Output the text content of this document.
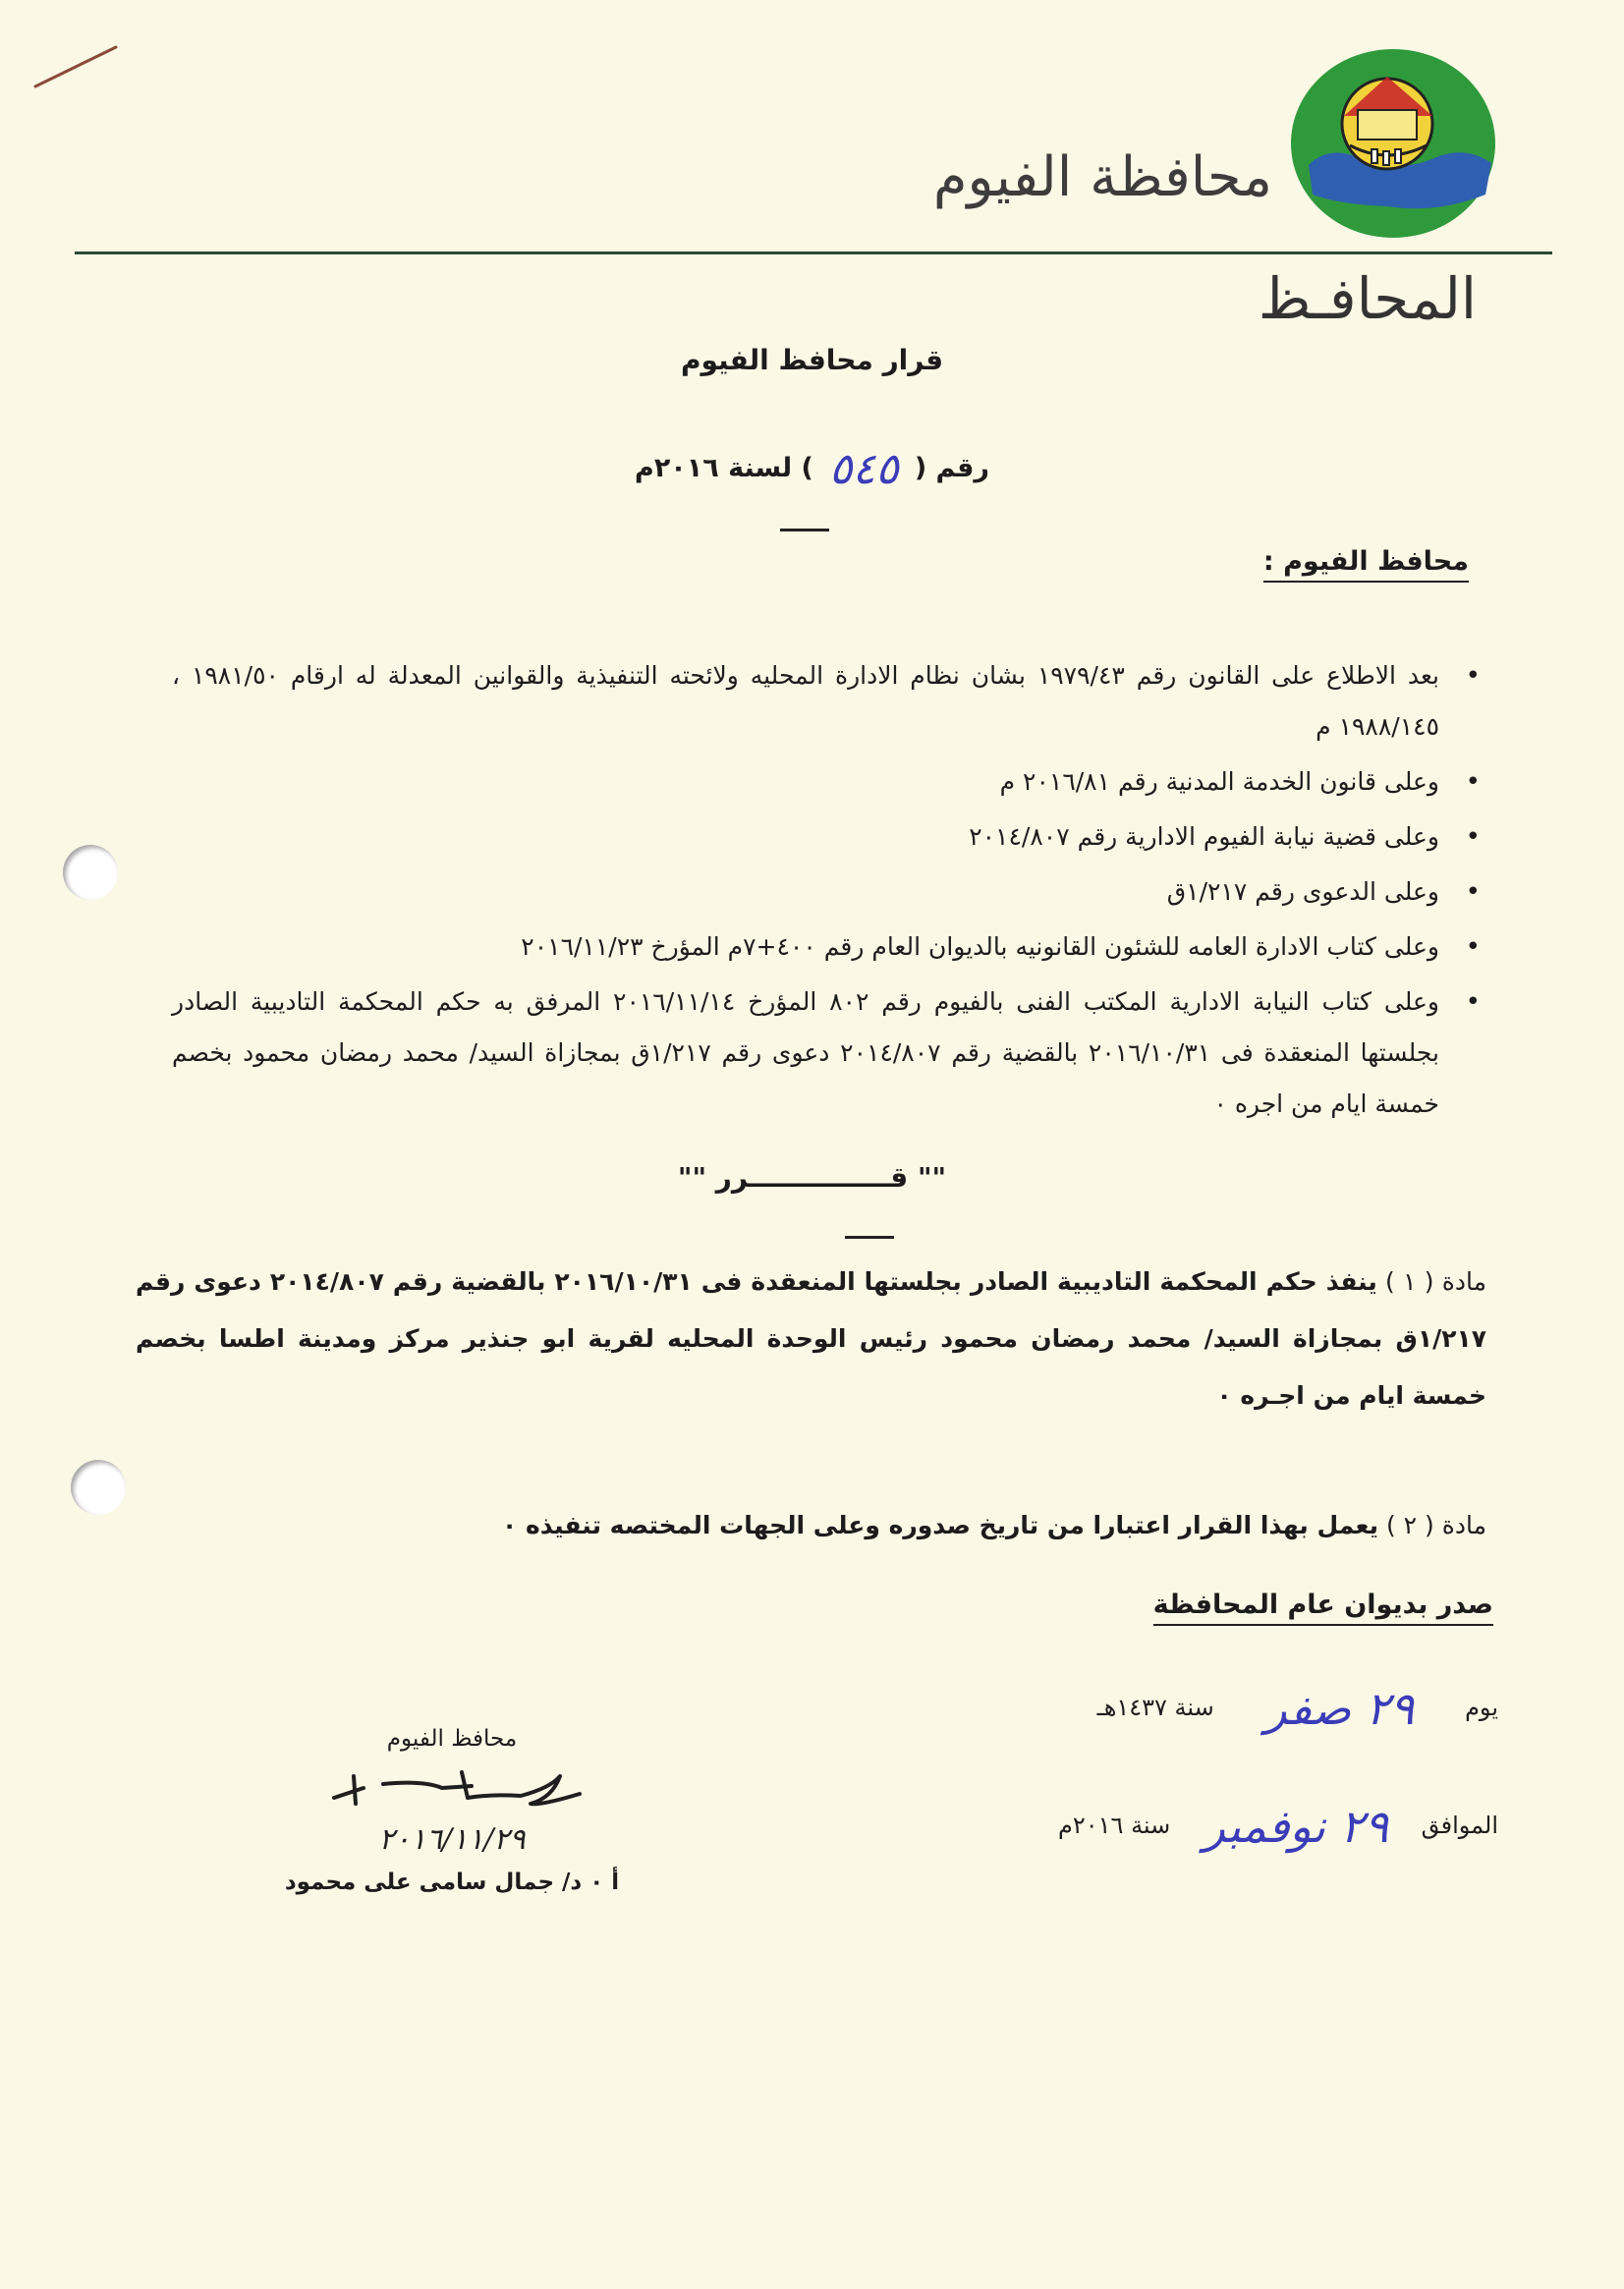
محافظة الفيوم
المحافـظ
قرار محافظ الفيوم
رقم (٥٤٥) لسنة ٢٠١٦م
محافظ الفيوم :
• بعد الاطلاع على القانون رقم ١٩٧٩/٤٣ بشان نظام الادارة المحليه ولائحته التنفيذية والقوانين المعدلة له ارقام ١٩٨١/٥٠ ، ١٩٨٨/١٤٥ م
• وعلى قانون الخدمة المدنية رقم ٢٠١٦/٨١ م
• وعلى قضية نيابة الفيوم الادارية رقم ٢٠١٤/٨٠٧
• وعلى الدعوى رقم ١/٢١٧ق
• وعلى كتاب الادارة العامه للشئون القانونيه بالديوان العام رقم ٤٠٠+٧م المؤرخ ٢٠١٦/١١/٢٣
• وعلى كتاب النيابة الادارية المكتب الفنى بالفيوم رقم ٨٠٢ المؤرخ ٢٠١٦/١١/١٤ المرفق به حكم المحكمة التاديبية الصادر بجلستها المنعقدة فى ٢٠١٦/١٠/٣١ بالقضية رقم ٢٠١٤/٨٠٧ دعوى رقم ١/٢١٧ق بمجازاة السيد/ محمد رمضان محمود بخصم خمسة ايام من اجره ٠
"" قـــــــــــــــرر ""
مادة ( ١ ) ينفذ حكم المحكمة التاديبية الصادر بجلستها المنعقدة فى ٢٠١٦/١٠/٣١ بالقضية رقم ٢٠١٤/٨٠٧ دعوى رقم ١/٢١٧ق بمجازاة السيد/ محمد رمضان محمود رئيس الوحدة المحليه لقرية ابو جنذير مركز ومدينة اطسا بخصم خمسة ايام من اجـره ٠
مادة ( ٢ ) يعمل بهذا القرار اعتبارا من تاريخ صدوره وعلى الجهات المختصه تنفيذه ٠
صدر بديوان عام المحافظة
يوم ٢٩ صفر سنة ١٤٣٧هـ
الموافق ٢٩ نوفمبر سنة ٢٠١٦م
محافظ الفيوم
٢٠١٦/١١/٢٩
أ ٠ د/ جمال سامى على محمود
